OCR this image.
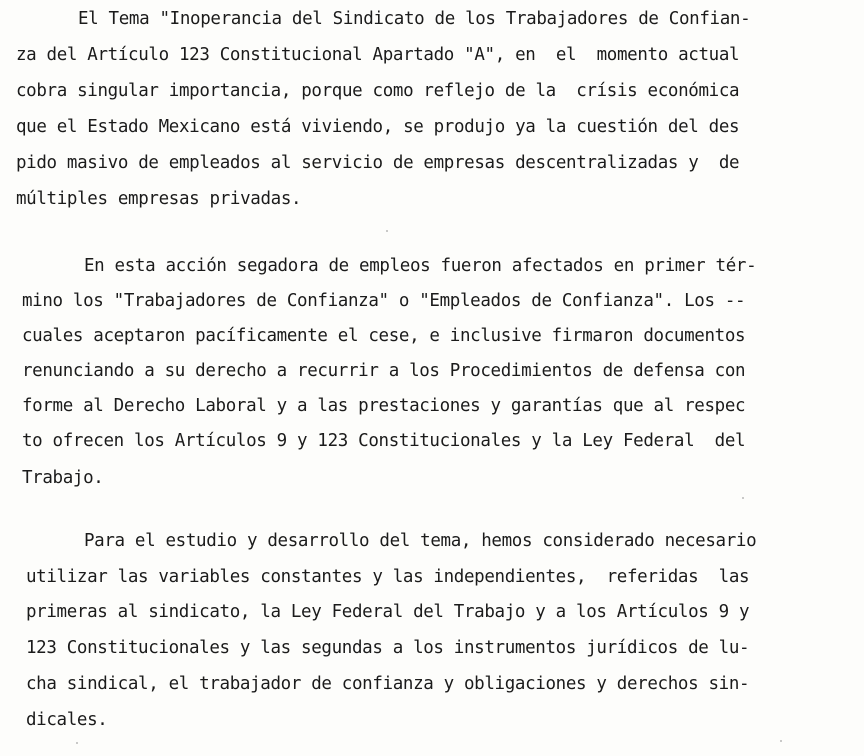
El Tema "Inoperancia del Sindicato de los Trabajadores de Confian-
za del Artículo 123 Constitucional Apartado "A", en  el  momento actual
cobra singular importancia, porque como reflejo de la  crísis económica
que el Estado Mexicano está viviendo, se produjo ya la cuestión del des
pido masivo de empleados al servicio de empresas descentralizadas y  de
múltiples empresas privadas.
En esta acción segadora de empleos fueron afectados en primer tér-
mino los "Trabajadores de Confianza" o "Empleados de Confianza". Los --
cuales aceptaron pacíficamente el cese, e inclusive firmaron documentos
renunciando a su derecho a recurrir a los Procedimientos de defensa con
forme al Derecho Laboral y a las prestaciones y garantías que al respec
to ofrecen los Artículos 9 y 123 Constitucionales y la Ley Federal  del
Trabajo.
Para el estudio y desarrollo del tema, hemos considerado necesario
utilizar las variables constantes y las independientes,  referidas  las
primeras al sindicato, la Ley Federal del Trabajo y a los Artículos 9 y
123 Constitucionales y las segundas a los instrumentos jurídicos de lu-
cha sindical, el trabajador de confianza y obligaciones y derechos sin-
dicales.
